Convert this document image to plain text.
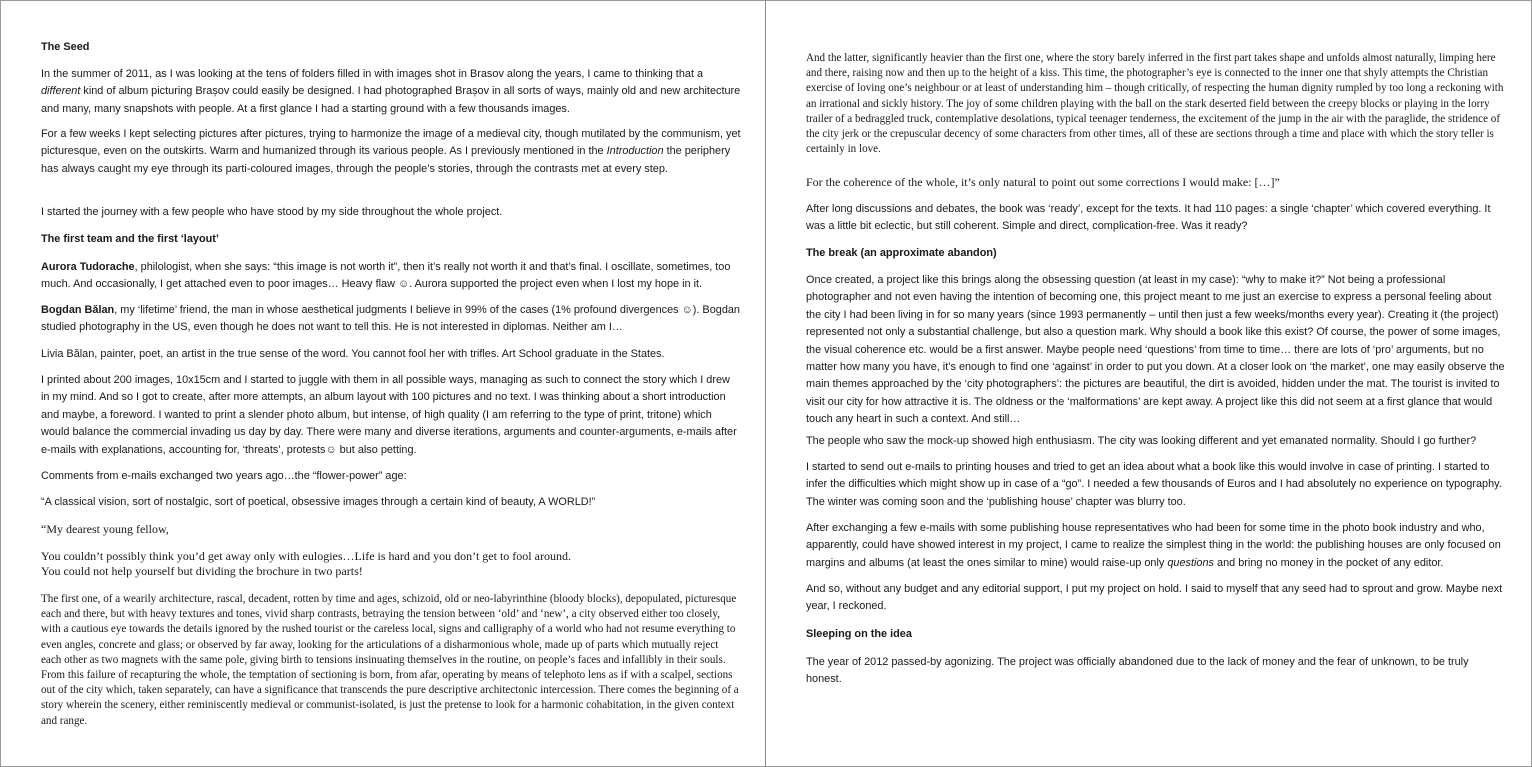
The Seed

In the summer of 2011, as I was looking at the tens of folders filled in with images shot in Brasov along the years, I came to thinking that a different kind of album picturing Brașov could easily be designed. I had photographed Brașov in all sorts of ways, mainly old and new architecture and many, many snapshots with people. At a first glance I had a starting ground with a few thousands images.

For a few weeks I kept selecting pictures after pictures, trying to harmonize the image of a medieval city, though mutilated by the communism, yet picturesque, even on the outskirts. Warm and humanized through its various people. As I previously mentioned in the Introduction the periphery has always caught my eye through its parti-coloured images, through the people’s stories, through the contrasts met at every step.

I started the journey with a few people who have stood by my side throughout the whole project.

The first team and the first ‘layout’

Aurora Tudorache, philologist, when she says: “this image is not worth it”, then it’s really not worth it and that’s final. I oscillate, sometimes, too much. And occasionally, I get attached even to poor images… Heavy flaw ☺. Aurora supported the project even when I lost my hope in it.

Bogdan Bălan, my ‘lifetime’ friend, the man in whose aesthetical judgments I believe in 99% of the cases (1% profound divergences ☺). Bogdan studied photography in the US, even though he does not want to tell this. He is not interested in diplomas. Neither am I…

Livia Bălan, painter, poet, an artist in the true sense of the word. You cannot fool her with trifles. Art School graduate in the States.

I printed about 200 images, 10x15cm and I started to juggle with them in all possible ways, managing as such to connect the story which I drew in my mind. And so I got to create, after more attempts, an album layout with 100 pictures and no text. I was thinking about a short introduction and maybe, a foreword. I wanted to print a slender photo album, but intense, of high quality (I am referring to the type of print, tritone) which would balance the commercial invading us day by day. There were many and diverse iterations, arguments and counter-arguments, e-mails after e-mails with explanations, accounting for, ‘threats’, protests☺ but also petting.

Comments from e-mails exchanged two years ago…the “flower-power” age:

“A classical vision, sort of nostalgic, sort of poetical, obsessive images through a certain kind of beauty, A WORLD!”

“My dearest young fellow,

You couldn’t possibly think you’d get away only with eulogies…Life is hard and you don’t get to fool around.
You could not help yourself but dividing the brochure in two parts!

The first one, of a wearily architecture, rascal, decadent, rotten by time and ages, schizoid, old or neo-labyrinthine (bloody blocks), depopulated, picturesque each and there, but with heavy textures and tones, vivid sharp contrasts, betraying the tension between ‘old’ and ‘new’, a city observed either too closely, with a cautious eye towards the details ignored by the rushed tourist or the careless local, signs and calligraphy of a world who had not resume everything to even angles, concrete and glass; or observed by far away, looking for the articulations of a disharmonious whole, made up of parts which mutually reject each other as two magnets with the same pole, giving birth to tensions insinuating themselves in the routine, on people’s faces and infallibly in their souls. From this failure of recapturing the whole, the temptation of sectioning is born, from afar, operating by means of telephoto lens as if with a scalpel, sections out of the city which, taken separately, can have a significance that transcends the pure descriptive architectonic intercession. There comes the beginning of a story wherein the scenery, either reminiscently medieval or communist-isolated, is just the pretense to look for a harmonic cohabitation, in the given context and range.

And the latter, significantly heavier than the first one, where the story barely inferred in the first part takes shape and unfolds almost naturally, limping here and there, raising now and then up to the height of a kiss. This time, the photographer’s eye is connected to the inner one that shyly attempts the Christian exercise of loving one’s neighbour or at least of understanding him – though critically, of respecting the human dignity rumpled by too long a reckoning with an irrational and sickly history. The joy of some children playing with the ball on the stark deserted field between the creepy blocks or playing in the lorry trailer of a bedraggled truck, contemplative desolations, typical teenager tenderness, the excitement of the jump in the air with the paraglide, the stridence of the city jerk or the crepuscular decency of some characters from other times, all of these are sections through a time and place with which the story teller is certainly in love.

For the coherence of the whole, it’s only natural to point out some corrections I would make: […]”

After long discussions and debates, the book was ‘ready’, except for the texts. It had 110 pages: a single ‘chapter’ which covered everything. It was a little bit eclectic, but still coherent. Simple and direct, complication-free. Was it ready?

The break (an approximate abandon)

Once created, a project like this brings along the obsessing question (at least in my case): “why to make it?” Not being a professional photographer and not even having the intention of becoming one, this project meant to me just an exercise to express a personal feeling about the city I had been living in for so many years (since 1993 permanently – until then just a few weeks/months every year). Creating it (the project) represented not only a substantial challenge, but also a question mark. Why should a book like this exist? Of course, the power of some images, the visual coherence etc. would be a first answer. Maybe people need ‘questions’ from time to time… there are lots of ‘pro’ arguments, but no matter how many you have, it’s enough to find one ‘against’ in order to put you down. At a closer look on ‘the market’, one may easily observe the main themes approached by the ‘city photographers’: the pictures are beautiful, the dirt is avoided, hidden under the mat. The tourist is invited to visit our city for how attractive it is. The oldness or the ‘malformations’ are kept away. A project like this did not seem at a first glance that would touch any heart in such a context. And still…

The people who saw the mock-up showed high enthusiasm. The city was looking different and yet emanated normality. Should I go further?

I started to send out e-mails to printing houses and tried to get an idea about what a book like this would involve in case of printing. I started to infer the difficulties which might show up in case of a “go”. I needed a few thousands of Euros and I had absolutely no experience on typography. The winter was coming soon and the ‘publishing house’ chapter was blurry too.

After exchanging a few e-mails with some publishing house representatives who had been for some time in the photo book industry and who, apparently, could have showed interest in my project, I came to realize the simplest thing in the world: the publishing houses are only focused on margins and albums (at least the ones similar to mine) would raise-up only questions and bring no money in the pocket of any editor.

And so, without any budget and any editorial support, I put my project on hold. I said to myself that any seed had to sprout and grow. Maybe next year, I reckoned.

Sleeping on the idea

The year of 2012 passed-by agonizing. The project was officially abandoned due to the lack of money and the fear of unknown, to be truly honest.
